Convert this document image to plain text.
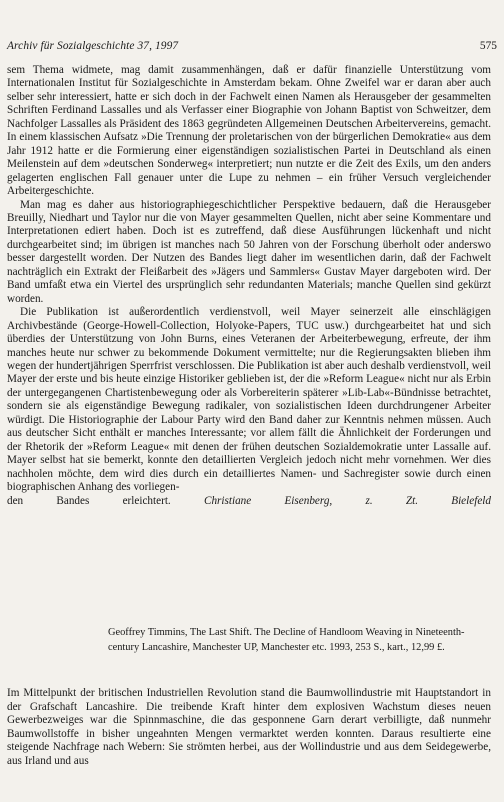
Archiv für Sozialgeschichte 37, 1997	575

sem Thema widmete, mag damit zusammenhängen, daß er dafür finanzielle Unterstützung vom Internationalen Institut für Sozialgeschichte in Amsterdam bekam. Ohne Zweifel war er daran aber auch selber sehr interessiert, hatte er sich doch in der Fachwelt einen Namen als Herausgeber der gesammelten Schriften Ferdinand Lassalles und als Verfasser einer Biographie von Johann Baptist von Schweitzer, dem Nachfolger Lassalles als Präsident des 1863 gegründeten Allgemeinen Deutschen Arbeitervereins, gemacht. In einem klassischen Aufsatz »Die Trennung der proletarischen von der bürgerlichen Demokratie« aus dem Jahr 1912 hatte er die Formierung einer eigenständigen sozialistischen Partei in Deutschland als einen Meilenstein auf dem »deutschen Sonderweg« interpretiert; nun nutzte er die Zeit des Exils, um den anders gelagerten englischen Fall genauer unter die Lupe zu nehmen – ein früher Versuch vergleichender Arbeitergeschichte.

Man mag es daher aus historiographiegeschichtlicher Perspektive bedauern, daß die Herausgeber Breuilly, Niedhart und Taylor nur die von Mayer gesammelten Quellen, nicht aber seine Kommentare und Interpretationen ediert haben. Doch ist es zutreffend, daß diese Ausführungen lückenhaft und nicht durchgearbeitet sind; im übrigen ist manches nach 50 Jahren von der Forschung überholt oder anderswo besser dargestellt worden. Der Nutzen des Bandes liegt daher im wesentlichen darin, daß der Fachwelt nachträglich ein Extrakt der Fleißarbeit des »Jägers und Sammlers« Gustav Mayer dargeboten wird. Der Band umfaßt etwa ein Viertel des ursprünglich sehr redundanten Materials; manche Quellen sind gekürzt worden.

Die Publikation ist außerordentlich verdienstvoll, weil Mayer seinerzeit alle einschlägigen Archivbestände (George-Howell-Collection, Holyoke-Papers, TUC usw.) durchgearbeitet hat und sich überdies der Unterstützung von John Burns, eines Veteranen der Arbeiterbewegung, erfreute, der ihm manches heute nur schwer zu bekommende Dokument vermittelte; nur die Regierungsakten blieben ihm wegen der hundertjährigen Sperrfrist verschlossen. Die Publikation ist aber auch deshalb verdienstvoll, weil Mayer der erste und bis heute einzige Historiker geblieben ist, der die »Reform League« nicht nur als Erbin der untergegangenen Chartistenbewegung oder als Vorbereiterin späterer »Lib-Lab«-Bündnisse betrachtet, sondern sie als eigenständige Bewegung radikaler, von sozialistischen Ideen durchdrungener Arbeiter würdigt. Die Historiographie der Labour Party wird den Band daher zur Kenntnis nehmen müssen. Auch aus deutscher Sicht enthält er manches Interessante; vor allem fällt die Ähnlichkeit der Forderungen und der Rhetorik der »Reform League« mit denen der frühen deutschen Sozialdemokratie unter Lassalle auf. Mayer selbst hat sie bemerkt, konnte den detaillierten Vergleich jedoch nicht mehr vornehmen. Wer dies nachholen möchte, dem wird dies durch ein detailliertes Namen- und Sachregister sowie durch einen biographischen Anhang des vorliegen-

den Bandes erleichtert.	Christiane Eisenberg, z. Zt. Bielefeld
Geoffrey Timmins, The Last Shift. The Decline of Handloom Weaving in Nineteenth-century Lancashire, Manchester UP, Manchester etc. 1993, 253 S., kart., 12,99 £.

Im Mittelpunkt der britischen Industriellen Revolution stand die Baumwollindustrie mit Hauptstandort in der Grafschaft Lancashire. Die treibende Kraft hinter dem explosiven Wachstum dieses neuen Gewerbezweiges war die Spinnmaschine, die das gesponnene Garn derart verbilligte, daß nunmehr Baumwollstoffe in bisher ungeahnten Mengen vermarktet werden konnten. Daraus resultierte eine steigende Nachfrage nach Webern: Sie strömten herbei, aus der Wollindustrie und aus dem Seidegewerbe, aus Irland und aus
